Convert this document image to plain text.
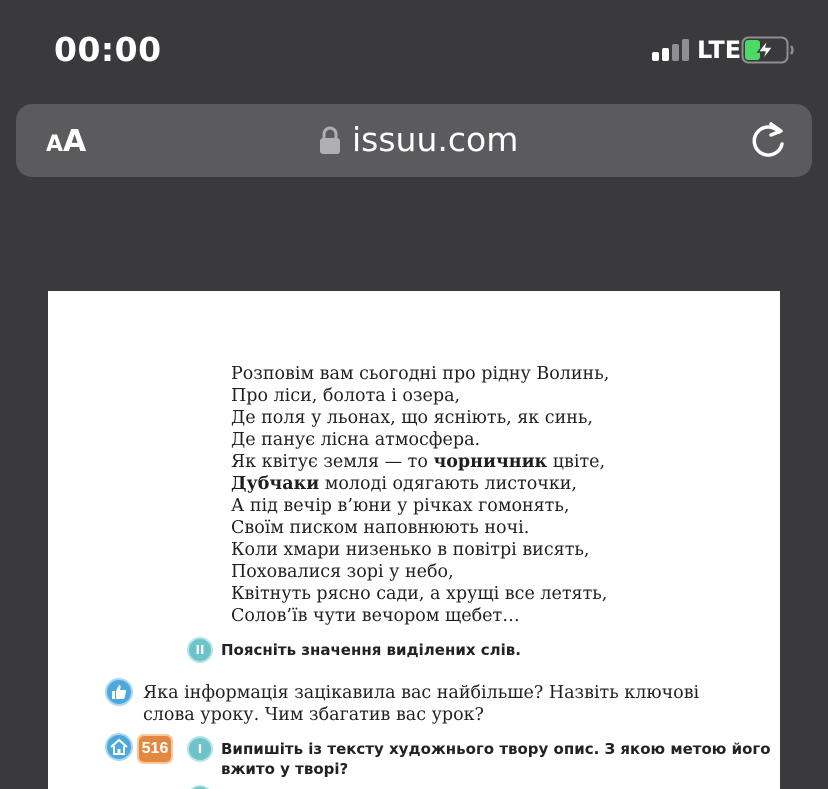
00:00	LTE
AA	issuu.com
Розповім вам сьогодні про рідну Волинь,
Про ліси, болота і озера,
Де поля у льонах, що ясніють, як синь,
Де панує лісна атмосфера.
Як квітує земля — то чорничник цвіте,
Дубчаки молоді одягають листочки,
А під вечір в’юни у річках гомонять,
Своїм писком наповнюють ночі.
Коли хмари низенько в повітрі висять,
Поховалися зорі у небо,
Квітнуть рясно сади, а хрущі все летять,
Солов’їв чути вечором щебет…
II	Поясніть значення виділених слів.
Яка інформація зацікавила вас найбільше? Назвіть ключові
слова уроку. Чим збагатив вас урок?
516	I	Випишіть із тексту художнього твору опис. З якою метою його
вжито у творі?
